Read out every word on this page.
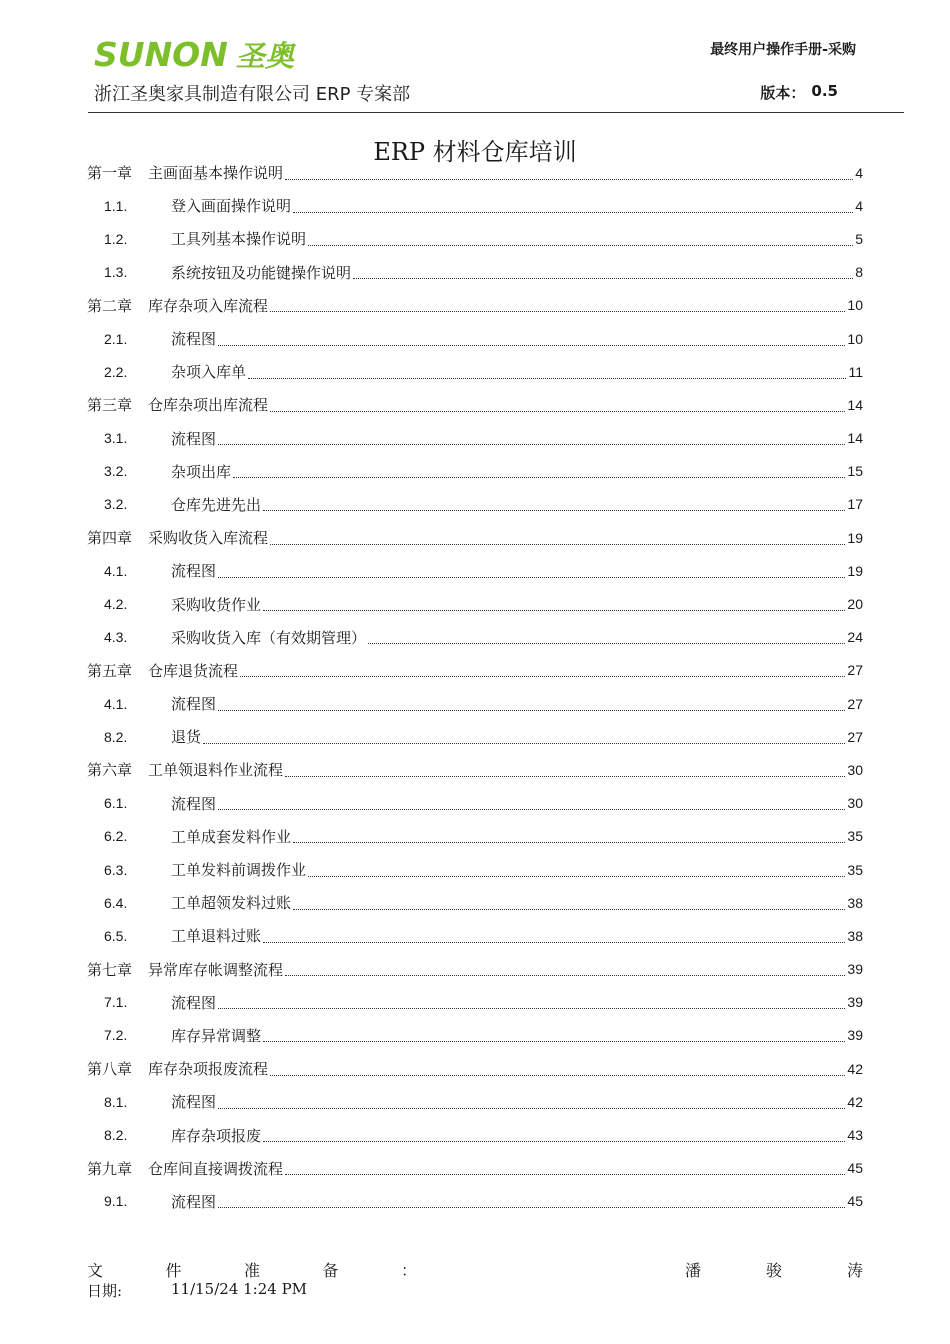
SUNON 圣奥
浙江圣奥家具制造有限公司 ERP 专案部
最终用户操作手册-采购
版本： 0.5
ERP 材料仓库培训
第一章	主画面基本操作说明	4
1.1.	登入画面操作说明	4
1.2.	工具列基本操作说明	5
1.3.	系统按钮及功能键操作说明	8
第二章	库存杂项入库流程	10
2.1.	流程图	10
2.2.	杂项入库单	11
第三章	仓库杂项出库流程	14
3.1.	流程图	14
3.2.	杂项出库	15
3.2.	仓库先进先出	17
第四章	采购收货入库流程	19
4.1.	流程图	19
4.2.	采购收货作业	20
4.3.	采购收货入库（有效期管理）	24
第五章	仓库退货流程	27
4.1.	流程图	27
8.2.	退货	27
第六章	工单领退料作业流程	30
6.1.	流程图	30
6.2.	工单成套发料作业	35
6.3.	工单发料前调拨作业	35
6.4.	工单超领发料过账	38
6.5.	工单退料过账	38
第七章	异常库存帐调整流程	39
7.1.	流程图	39
7.2.	库存异常调整	39
第八章	库存杂项报废流程	42
8.1.	流程图	42
8.2.	库存杂项报废	43
第九章	仓库间直接调拨流程	45
9.1.	流程图	45
文	件	准	备	：	潘	骏	涛
日期:	11/15/24 1:24 PM
